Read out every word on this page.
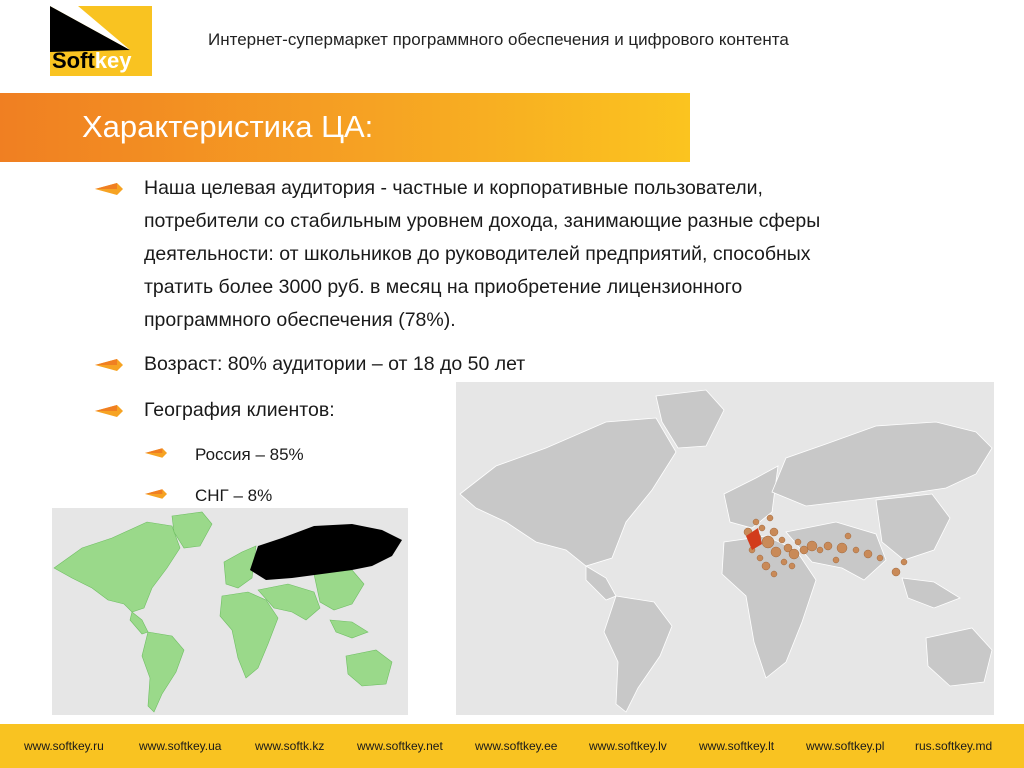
Softkey
Интернет-супермаркет программного обеспечения и цифрового контента
Характеристика ЦА:
Наша целевая аудитория - частные и корпоративные пользователи,
потребители со стабильным уровнем дохода, занимающие разные сферы
деятельности: от школьников до руководителей предприятий, способных
тратить более 3000 руб. в месяц на приобретение лицензионного
программного обеспечения (78%).
Возраст: 80% аудитории – от 18 до 50 лет
География клиентов:
Россия – 85%
СНГ – 8%
www.softkey.ru	www.softkey.ua	www.softk.kz	www.softkey.net	www.softkey.ee	www.softkey.lv	www.softkey.lt	www.softkey.pl	rus.softkey.md
